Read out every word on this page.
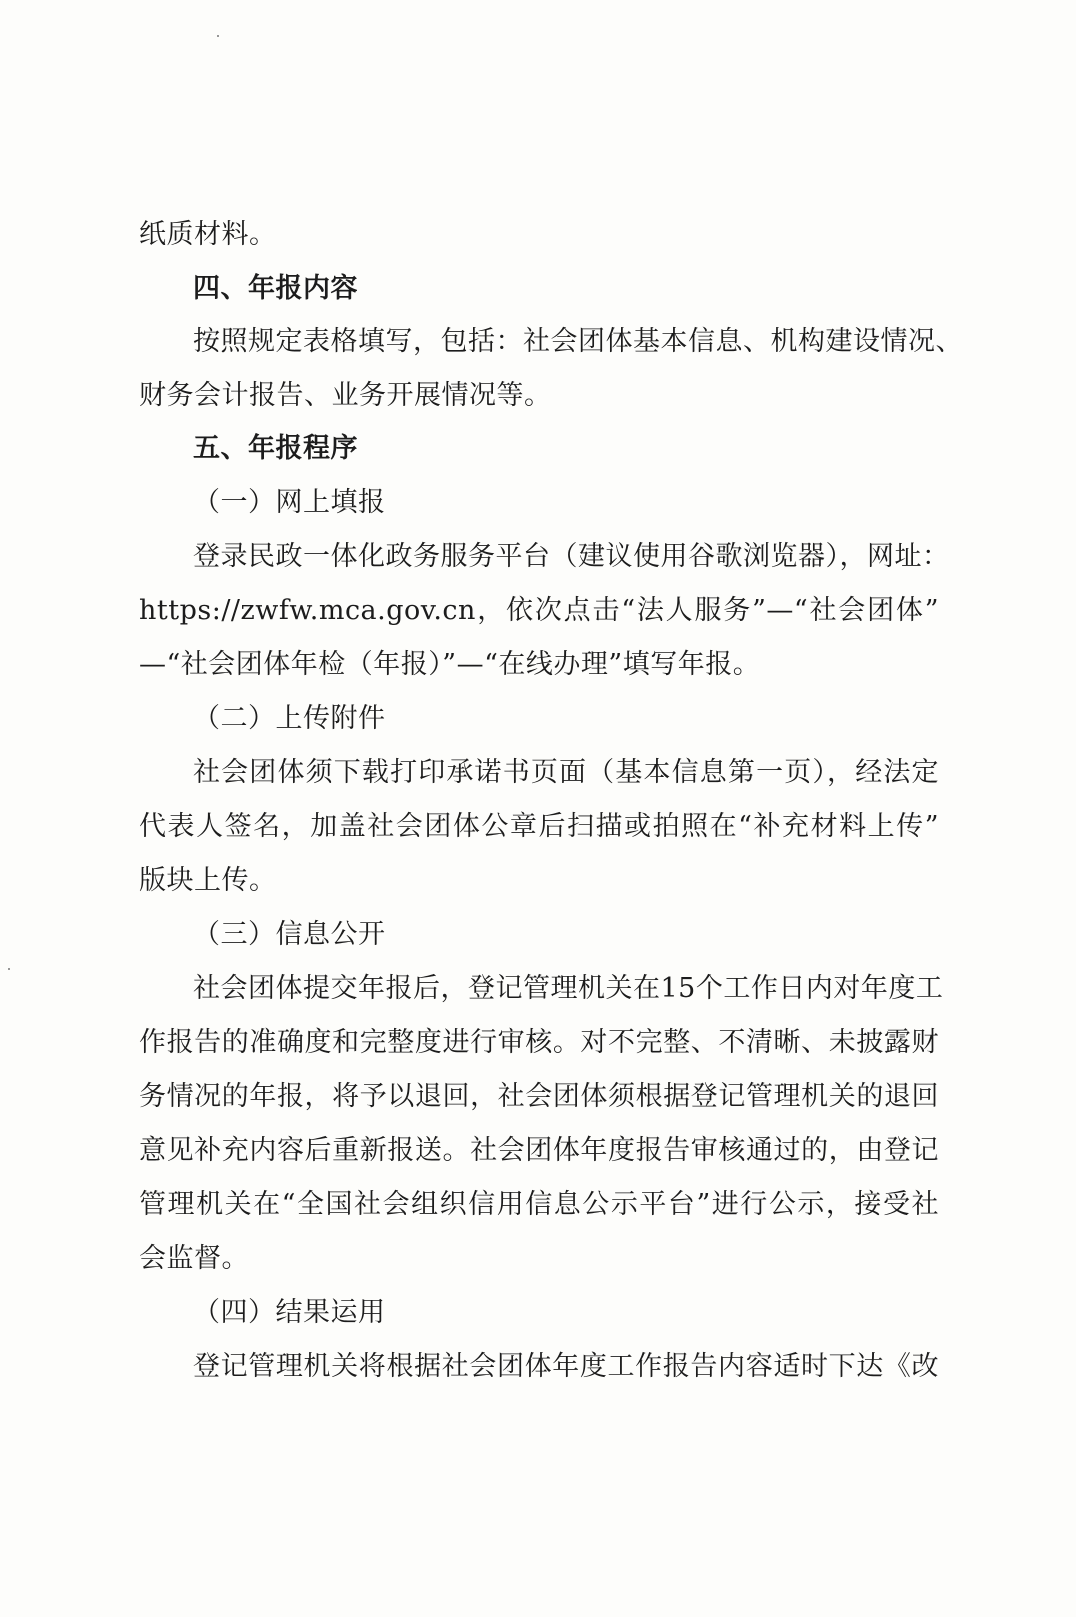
纸质材料。
四、年报内容
按照规定表格填写，包括：社会团体基本信息、机构建设情况、
财务会计报告、业务开展情况等。
五、年报程序
（一）网上填报
登录民政一体化政务服务平台（建议使用谷歌浏览器），网址：
https://zwfw.mca.gov.cn，依次点击“法人服务”—“社会团体”
—“社会团体年检（年报）”—“在线办理”填写年报。
（二）上传附件
社会团体须下载打印承诺书页面（基本信息第一页），经法定
代表人签名，加盖社会团体公章后扫描或拍照在“补充材料上传”
版块上传。
（三）信息公开
社会团体提交年报后，登记管理机关在15个工作日内对年度工
作报告的准确度和完整度进行审核。对不完整、不清晰、未披露财
务情况的年报，将予以退回，社会团体须根据登记管理机关的退回
意见补充内容后重新报送。社会团体年度报告审核通过的，由登记
管理机关在“全国社会组织信用信息公示平台”进行公示，接受社
会监督。
（四）结果运用
登记管理机关将根据社会团体年度工作报告内容适时下达《改
